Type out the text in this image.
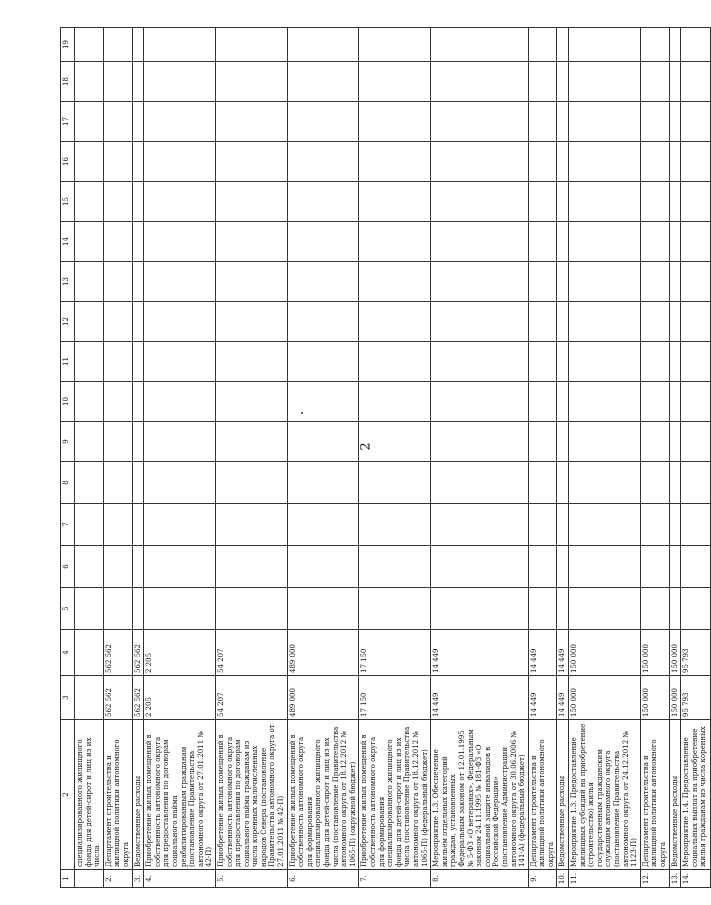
2
1	2	3	4	5	6	7	8	9	10	11	12	13	14	15	16	17	18	19
	специализированного жилищного фонда для детей-сирот и лиц из их числа																	
2.	Департамент строительства и жилищной политики автономного округа	562 562	562 562															
3.	Ведомственные расходы	562 562	562 562															
4.	Приобретение жилых помещений в собственность автономного округа для предоставления по договорам социального найма реабилитированным гражданам (постановление Правительства автономного округа от 27.01.2011 № 42-П)	2 205	2 205															
5.	Приобретение жилых помещений в собственность автономного округа для предоставления по договорам социального найма гражданам из числа коренных малочисленных народов Севера (постановление Правительства автономного округа от 27.01.2011 № 42-П)	54 207	54 207															
6.	Приобретение жилых помещений в собственность автономного округа для формирования специализированного жилищного фонда для детей-сирот и лиц из их числа (постановление Правительства автономного округа от 18.12.2012 № 1065-П) (окружной бюджет)	489 000	489 000															
7.	Приобретение жилых помещений в собственность автономного округа для формирования специализированного жилищного фонда для детей-сирот и лиц из их числа (постановление Правительства автономного округа от 18.12.2012 № 1065-П) (федеральный бюджет)	17 150	17 150															
8.	Мероприятие 1.3. Обеспечение жильем отдельных категорий граждан, установленных Федеральным законом от 12.01.1995 № 5-ФЗ «О ветеранах», Федеральным законом 24.11.1995 № 181-ФЗ «О социальной защите инвалидов в Российской Федерации» (постановление Администрации автономного округа от 30.06.2006 № 141-А) (федеральный бюджет)	14 449	14 449															
9.	Департамент строительства и жилищной политики автономного округа	14 449	14 449															
10.	Ведомственные расходы	14 449	14 449															
11.	Мероприятие 1.3. Предоставление жилищных субсидий на приобретение (строительство) жилья государственным гражданским служащим автономного округа (постановление Правительства автономного округа от 24.12.2012 № 1123-П)	150 000	150 000															
12.	Департамент строительства и жилищной политики автономного округа	150 000	150 000															
13.	Ведомственные расходы	150 000	150 000															
14.	Мероприятие 1.4. Предоставление социальных выплат на приобретение жилья гражданам из числа коренных	95 793	95 793															
